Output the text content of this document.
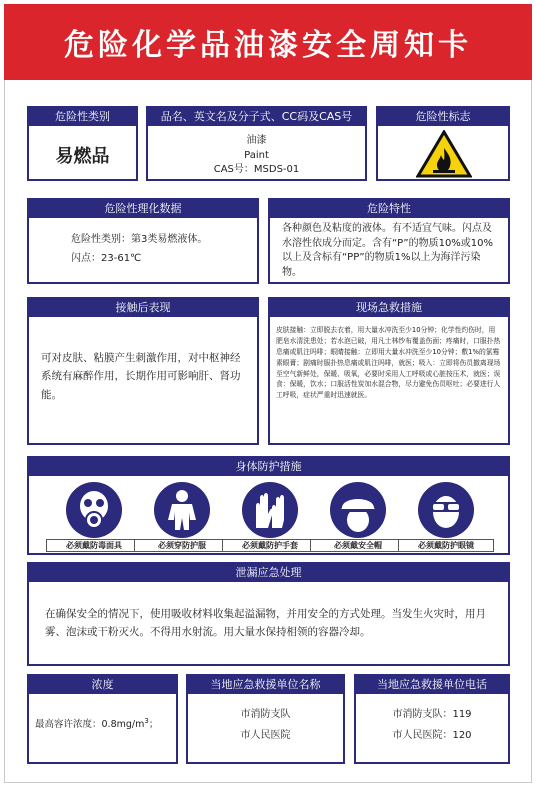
危险化学品油漆安全周知卡
危险性类别
易燃品
品名、英文名及分子式、CC码及CAS号
油漆
Paint
CAS号：MSDS-01
危险性标志
危险性理化数据
危险性类别：第3类易燃液体。
闪点：23-61℃
危险特性
各种颜色及粘度的液体。有不适宜气味。闪点及水溶性依成分而定。含有“P”的物质10%或10%以上及含标有“PP”的物质1%以上为海洋污染物。
接触后表现
可对皮肤、粘膜产生刺激作用，对中枢神经系统有麻醉作用，长期作用可影响肝、肾功能。
现场急救措施
皮肤接触：立即脱去衣着，用大量水冲洗至少10分钟；化学性灼伤时，用肥皂水清洗患处；若水泡已破，用凡士林纱布覆盖伤面；疼痛时，口服扑热息痛或肌注吗啡；眼睛接触：立即用大量水冲洗至少10分钟；敷1%的氯霉素眼膏；剧痛时服扑热息痛或肌注吗啡，就医；吸入：立即将伤员撤离现场至空气新鲜处，保暖、吸氧，必要时采用人工呼吸或心脏按压术，就医；误食：保暖，饮水；口服活性炭加水混合物，尽力避免伤员呕吐；必要进行人工呼吸，症状严重时迅速就医。
身体防护措施
必须戴防毒面具	必须穿防护服	必须戴防护手套	必须戴安全帽	必须戴防护眼镜
泄漏应急处理
在确保安全的情况下，使用吸收材料收集起溢漏物，并用安全的方式处理。当发生火灾时，用月雾、泡沫或干粉灭火。不得用水射流。用大量水保持相领的容器冷却。
浓度
最高容许浓度：$0.8mg/m^3$；
当地应急救援单位名称
市消防支队
市人民医院
当地应急救援单位电话
市消防支队：119
市人民医院：120
